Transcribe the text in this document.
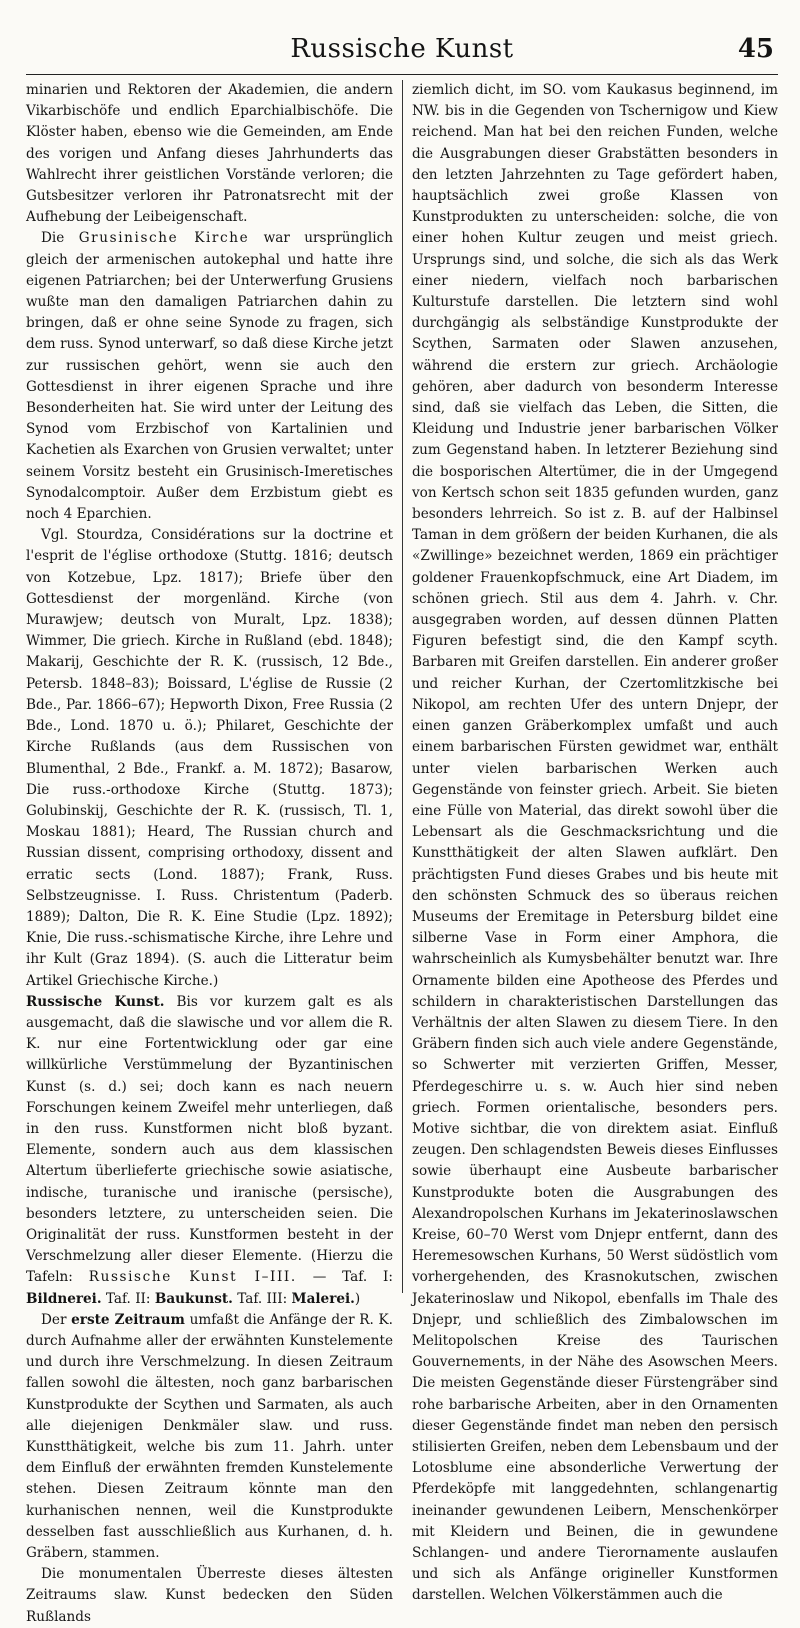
Russische Kunst	45

minarien und Rektoren der Akademien, die andern Vikarbischöfe und endlich Eparchialbischöfe. Die Klöster haben, ebenso wie die Gemeinden, am Ende des vorigen und Anfang dieses Jahrhunderts das Wahlrecht ihrer geistlichen Vorstände verloren; die Gutsbesitzer verloren ihr Patronatsrecht mit der Aufhebung der Leibeigenschaft.

Die Grusinische Kirche war ursprünglich gleich der armenischen autokephal und hatte ihre eigenen Patriarchen; bei der Unterwerfung Grusiens wußte man den damaligen Patriarchen dahin zu bringen, daß er ohne seine Synode zu fragen, sich dem russ. Synod unterwarf, so daß diese Kirche jetzt zur russischen gehört, wenn sie auch den Gottesdienst in ihrer eigenen Sprache und ihre Besonderheiten hat. Sie wird unter der Leitung des Synod vom Erzbischof von Kartalinien und Kachetien als Exarchen von Grusien verwaltet; unter seinem Vorsitz besteht ein Grusinisch-Imeretisches Synodalcomptoir. Außer dem Erzbistum giebt es noch 4 Eparchien.

Vgl. Stourdza, Considérations sur la doctrine et l'esprit de l'église orthodoxe (Stuttg. 1816; deutsch von Kotzebue, Lpz. 1817); Briefe über den Gottesdienst der morgenländ. Kirche (von Murawjew; deutsch von Muralt, Lpz. 1838); Wimmer, Die griech. Kirche in Rußland (ebd. 1848); Makarij, Geschichte der R. K. (russisch, 12 Bde., Petersb. 1848–83); Boissard, L'église de Russie (2 Bde., Par. 1866–67); Hepworth Dixon, Free Russia (2 Bde., Lond. 1870 u. ö.); Philaret, Geschichte der Kirche Rußlands (aus dem Russischen von Blumenthal, 2 Bde., Frankf. a. M. 1872); Basarow, Die russ.-orthodoxe Kirche (Stuttg. 1873); Golubinskij, Geschichte der R. K. (russisch, Tl. 1, Moskau 1881); Heard, The Russian church and Russian dissent, comprising orthodoxy, dissent and erratic sects (Lond. 1887); Frank, Russ. Selbstzeugnisse. I. Russ. Christentum (Paderb. 1889); Dalton, Die R. K. Eine Studie (Lpz. 1892); Knie, Die russ.-schismatische Kirche, ihre Lehre und ihr Kult (Graz 1894). (S. auch die Litteratur beim Artikel Griechische Kirche.)

Russische Kunst. Bis vor kurzem galt es als ausgemacht, daß die slawische und vor allem die R. K. nur eine Fortentwicklung oder gar eine willkürliche Verstümmelung der Byzantinischen Kunst (s. d.) sei; doch kann es nach neuern Forschungen keinem Zweifel mehr unterliegen, daß in den russ. Kunstformen nicht bloß byzant. Elemente, sondern auch aus dem klassischen Altertum überlieferte griechische sowie asiatische, indische, turanische und iranische (persische), besonders letztere, zu unterscheiden seien. Die Originalität der russ. Kunstformen besteht in der Verschmelzung aller dieser Elemente. (Hierzu die Tafeln: Russische Kunst I–III. — Taf. I: Bildnerei. Taf. II: Baukunst. Taf. III: Malerei.)

Der erste Zeitraum umfaßt die Anfänge der R. K. durch Aufnahme aller der erwähnten Kunstelemente und durch ihre Verschmelzung. In diesen Zeitraum fallen sowohl die ältesten, noch ganz barbarischen Kunstprodukte der Scythen und Sarmaten, als auch alle diejenigen Denkmäler slaw. und russ. Kunstthätigkeit, welche bis zum 11. Jahrh. unter dem Einfluß der erwähnten fremden Kunstelemente stehen. Diesen Zeitraum könnte man den kurhanischen nennen, weil die Kunstprodukte desselben fast ausschließlich aus Kurhanen, d. h. Gräbern, stammen.

Die monumentalen Überreste dieses ältesten Zeitraums slaw. Kunst bedecken den Süden Rußlands

ziemlich dicht, im SO. vom Kaukasus beginnend, im NW. bis in die Gegenden von Tschernigow und Kiew reichend. Man hat bei den reichen Funden, welche die Ausgrabungen dieser Grabstätten besonders in den letzten Jahrzehnten zu Tage gefördert haben, hauptsächlich zwei große Klassen von Kunstprodukten zu unterscheiden: solche, die von einer hohen Kultur zeugen und meist griech. Ursprungs sind, und solche, die sich als das Werk einer niedern, vielfach noch barbarischen Kulturstufe darstellen. Die letztern sind wohl durchgängig als selbständige Kunstprodukte der Scythen, Sarmaten oder Slawen anzusehen, während die erstern zur griech. Archäologie gehören, aber dadurch von besonderm Interesse sind, daß sie vielfach das Leben, die Sitten, die Kleidung und Industrie jener barbarischen Völker zum Gegenstand haben. In letzterer Beziehung sind die bosporischen Altertümer, die in der Umgegend von Kertsch schon seit 1835 gefunden wurden, ganz besonders lehrreich. So ist z. B. auf der Halbinsel Taman in dem größern der beiden Kurhanen, die als «Zwillinge» bezeichnet werden, 1869 ein prächtiger goldener Frauenkopfschmuck, eine Art Diadem, im schönen griech. Stil aus dem 4. Jahrh. v. Chr. ausgegraben worden, auf dessen dünnen Platten Figuren befestigt sind, die den Kampf scyth. Barbaren mit Greifen darstellen. Ein anderer großer und reicher Kurhan, der Czertomlitzkische bei Nikopol, am rechten Ufer des untern Dnjepr, der einen ganzen Gräberkomplex umfaßt und auch einem barbarischen Fürsten gewidmet war, enthält unter vielen barbarischen Werken auch Gegenstände von feinster griech. Arbeit. Sie bieten eine Fülle von Material, das direkt sowohl über die Lebensart als die Geschmacksrichtung und die Kunstthätigkeit der alten Slawen aufklärt. Den prächtigsten Fund dieses Grabes und bis heute mit den schönsten Schmuck des so überaus reichen Museums der Eremitage in Petersburg bildet eine silberne Vase in Form einer Amphora, die wahrscheinlich als Kumysbehälter benutzt war. Ihre Ornamente bilden eine Apotheose des Pferdes und schildern in charakteristischen Darstellungen das Verhältnis der alten Slawen zu diesem Tiere. In den Gräbern finden sich auch viele andere Gegenstände, so Schwerter mit verzierten Griffen, Messer, Pferdegeschirre u. s. w. Auch hier sind neben griech. Formen orientalische, besonders pers. Motive sichtbar, die von direktem asiat. Einfluß zeugen. Den schlagendsten Beweis dieses Einflusses sowie überhaupt eine Ausbeute barbarischer Kunstprodukte boten die Ausgrabungen des Alexandropolschen Kurhans im Jekaterinoslawschen Kreise, 60–70 Werst vom Dnjepr entfernt, dann des Heremesowschen Kurhans, 50 Werst südöstlich vom vorhergehenden, des Krasnokutschen, zwischen Jekaterinoslaw und Nikopol, ebenfalls im Thale des Dnjepr, und schließlich des Zimbalowschen im Melitopolschen Kreise des Taurischen Gouvernements, in der Nähe des Asowschen Meers. Die meisten Gegenstände dieser Fürstengräber sind rohe barbarische Arbeiten, aber in den Ornamenten dieser Gegenstände findet man neben den persisch stilisierten Greifen, neben dem Lebensbaum und der Lotosblume eine absonderliche Verwertung der Pferdeköpfe mit langgedehnten, schlangenartig ineinander gewundenen Leibern, Menschenkörper mit Kleidern und Beinen, die in gewundene Schlangen- und andere Tierornamente auslaufen und sich als Anfänge origineller Kunstformen darstellen. Welchen Völkerstämmen auch die
